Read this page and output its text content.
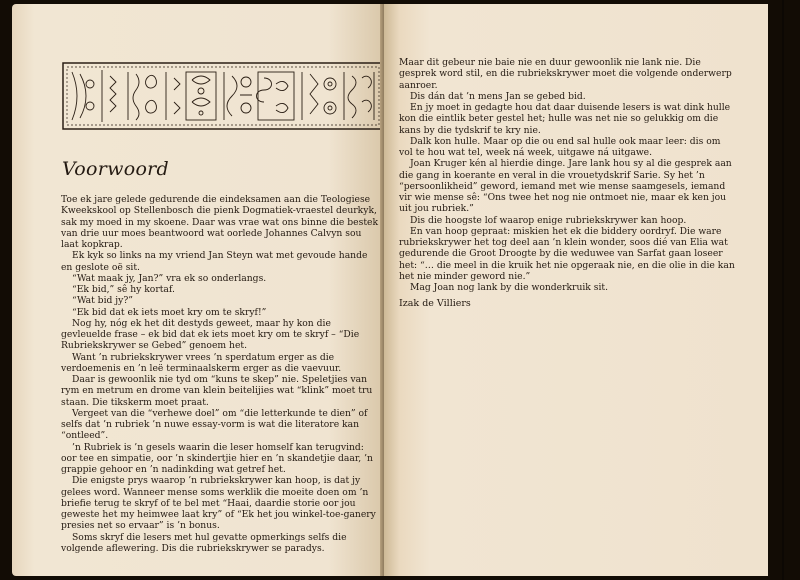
Voorwoord

Toe ek jare gelede gedurende die eindeksamen aan die Teologiese Kweekskool op Stellenbosch die pienk Dogmatiek-vraestel deurkyk, sak my moed in my skoene. Daar was vrae wat ons binne die bestek van drie uur moes beantwoord wat oorlede Johannes Calvyn sou laat kopkrap.

Ek kyk so links na my vriend Jan Steyn wat met gevoude hande en geslote oë sit.

“Wat maak jy, Jan?” vra ek so onderlangs.

“Ek bid,” sê hy kortaf.

“Wat bid jy?”

“Ek bid dat ek iets moet kry om te skryf!”

Nog hy, nóg ek het dit destyds geweet, maar hy kon die gevleuelde frase – ek bid dat ek iets moet kry om te skryf – “Die Rubriekskrywer se Gebed” genoem het.

Want ’n rubriekskrywer vrees ’n sperdatum erger as die verdoemenis en ’n leë terminaalskerm erger as die vaevuur.

Daar is gewoonlik nie tyd om “kuns te skep” nie. Speletjies van rym en metrum en drome van klein beitelijies wat “klink” moet tru staan. Die tikskerm moet praat.

Vergeet van die “verhewe doel” om “die letterkunde te dien” of selfs dat ’n rubriek ’n nuwe essay-vorm is wat die literatore kan “ontleed”.

’n Rubriek is ’n gesels waarin die leser homself kan terugvind: oor tee en simpatie, oor ’n skindertjie hier en ’n skandetjie daar, ’n grappie gehoor en ’n nadinkding wat getref het.

Die enigste prys waarop ’n rubriekskrywer kan hoop, is dat jy gelees word. Wanneer mense soms werklik die moeite doen om ’n briefie terug te skryf of te bel met “Haai, daardie storie oor jou geweste het my heimwee laat kry” of “Ek het jou winkel-toe-ganery presies net so ervaar” is ’n bonus.

Soms skryf die lesers met hul gevatte opmerkings selfs die volgende aflewering. Dis die rubriekskrywer se paradys.

Maar dit gebeur nie baie nie en duur gewoonlik nie lank nie. Die gesprek word stil, en die rubriekskrywer moet die volgende onderwerp aanroer.

Dis dán dat ’n mens Jan se gebed bid.

En jy moet in gedagte hou dat daar duisende lesers is wat dink hulle kon die eintlik beter gestel het; hulle was net nie so gelukkig om die kans by die tydskrif te kry nie.

Dalk kon hulle. Maar op die ou end sal hulle ook maar leer: dis om vol te hou wat tel, week ná week, uitgawe ná uitgawe.

Joan Kruger kén al hierdie dinge. Jare lank hou sy al die gesprek aan die gang in koerante en veral in die vrouetydskrif Sarie. Sy het ’n “persoonlikheid” geword, iemand met wie mense saamgesels, iemand vir wie mense sê: “Ons twee het nog nie ontmoet nie, maar ek ken jou uit jou rubriek.”

Dis die hoogste lof waarop enige rubriekskrywer kan hoop.

En van hoop gepraat: miskien het ek die biddery oordryf. Die ware rubriekskrywer het tog deel aan ’n klein wonder, soos dié van Elia wat gedurende die Groot Droogte by die weduwee van Sarfat gaan loseer het: “… die meel in die kruik het nie opgeraak nie, en die olie in die kan het nie minder geword nie.”

Mag Joan nog lank by die wonderkruik sit.

Izak de Villiers
